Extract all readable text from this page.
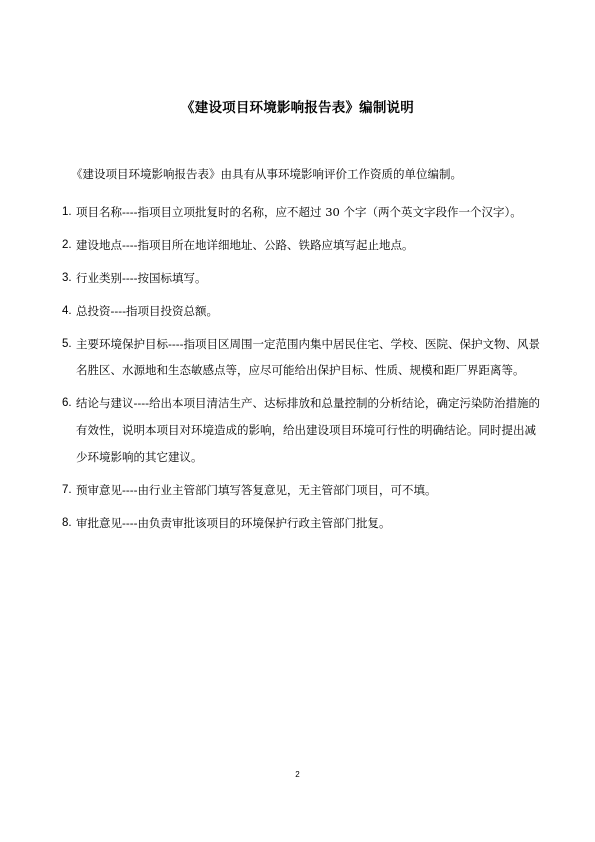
《建设项目环境影响报告表》编制说明
《建设项目环境影响报告表》由具有从事环境影响评价工作资质的单位编制。
1. 项目名称----指项目立项批复时的名称，应不超过 30 个字（两个英文字段作一个汉字）。
2. 建设地点----指项目所在地详细地址、公路、铁路应填写起止地点。
3. 行业类别----按国标填写。
4. 总投资----指项目投资总额。
5. 主要环境保护目标----指项目区周围一定范围内集中居民住宅、学校、医院、保护文物、风景名胜区、水源地和生态敏感点等，应尽可能给出保护目标、性质、规模和距厂界距离等。
6. 结论与建议----给出本项目清洁生产、达标排放和总量控制的分析结论，确定污染防治措施的有效性，说明本项目对环境造成的影响，给出建设项目环境可行性的明确结论。同时提出减少环境影响的其它建议。
7. 预审意见----由行业主管部门填写答复意见，无主管部门项目，可不填。
8. 审批意见----由负责审批该项目的环境保护行政主管部门批复。
2
